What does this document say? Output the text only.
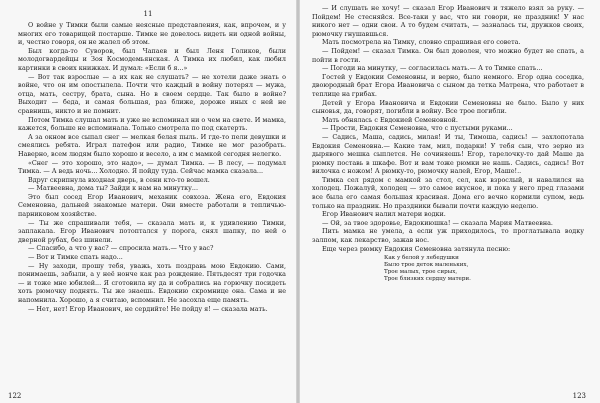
11

О войне у Тимки были самые неясные представления, как, впрочем, и у многих его товарищей постарше. Тимке не довелось видеть ни одной войны, и, честно говоря, он не жалел об этом.

Был когда-то Суворов, был Чапаев и был Леня Голиков, были молодогвардейцы и Зоя Космодемьянская. А Тимка их любил, как любил картинки в своих книжках. И думал: «Если б я...»

— Вот так взрослые — а их как не слушать? — не хотели даже знать о войне, что он им опостылела. Почти что каждый в войну потерял — мужа, отца, мать, сестру, брата, сына. Но в своем сердце. Так было в войне? Выходит — беда, и самая большая, раз ближе, дороже иных с ней не сравнишь, никто и не помнит.

Потом Тимка слушал мать и уже не вспоминал ни о чем на свете. И мамка, кажется, больше не вспоминала. Только смотрела по под скатерть.

А за окном все сыпал снег — мелкая белая пыль. И где-то пели девушки и смеялись ребята. Играл патефон или радио, Тимке не мог разобрать. Наверно, всем людям было хорошо и весело, а им с мамкой сегодня нелегко.

«Снег — это хорошо, это надо», — думал Тимка. — В лесу, — подумал Тимка. — А ведь ночь... Холодно. Я пойду туда. Сейчас мамка сказала...

Вдруг скрипнула входная дверь, в сени кто-то вошел.

— Матвеевна, дома ты? Зайди к нам на минутку...

Это был сосед Егор Иванович, механик совхоза. Жена его, Евдокия Семеновна, дальней знакомые матери. Они вместе работали в тепличью-парниковом хозяйстве.

— Ты же спрашивали тебя, — сказала мать и, к удивлению Тимки, заплакала. Егор Иванович потоптался у порога, снял шапку, по ней о дверной рубах, без шинели.

— Спасибо, а что у вас? — спросила мать.— Что у вас?

— Вот и Тимке спать надо...

— Ну заходи, прошу тебя, уважь, хоть поздравь мою Евдокию. Сами, понимаешь, забыли, а у неё нонче как раз рождение. Пятьдесят три годочка — и тоже мне юбилей... Я сготовила ну да и собрались на горючку посидеть хоть рюмочку поднять. Ты же знаешь. Евдокию скромнице она. Сама и не напомнила. Хорошо, а я считаю, вспомнил. Не засохла еще память.

— Нет, нет! Егор Иванович, не сердийте! Не пойду я! — сказала мать.

122

— И слушать не хочу! — сказал Егор Иванович и тяжело взял за руку. — Пойдем! Не стесняйся. Все-таки у вас, что ни говори, не праздник! У нас никого нет — одни свои. А то будем считать, — зазналась ты, дружков своих, рюмочку гнушавшься.

Мать посмотрела на Тимку, словно спрашивая его совета.

— Пойдем! — сказал Тимка. Он был доволен, что можно будет не спать, а пойти в гости.

— Погоди на минутку, — согласилась мать.— А то Тимке спать...

Гостей у Евдокии Семеновны, и верно, было немного. Егор одна соседка, двоюродный брат Егора Ивановича с сыном да тетка Матрена, что работает в теплице на грибах.

Детей у Егора Ивановича и Евдокии Семеновны не было. Было у них сыновья, да, говорят, погибли в войну. Все трое погибли.

Мать обнялась с Евдокией Семеновной.

— Прости, Евдокия Семеновна, что с пустыми руками...

— Садись, Маша, садись, милая! И ты, Тимоша, садись! — захлопотала Евдокия Семеновна.— Какие там, мил, подарки! У тебя сын, что зерно из дырявого мешка сыплется. Не сочиняешь! Егор, тарелочку-то дай Маше да рюмку поставь в шкафе. Вот и вам тоже рюмки не нашь. Садись, садись! Вот вилочка с ножом! А рюмку-то, рюмочку налей, Егор, Маше!..

Тимка сел рядом с мамкой за стол, сел, как взрослый, и навалился на холодец. Пожалуй, холодец — это самое вкусное, и пока у него пред глазами все была его самая большая красивая. Дома его вечно кормили супом, ведь только на праздник. Но праздники бывали почти каждую неделю.

Егор Иванович налил матери водки.

— Ой, за твое здоровье, Евдокиюшка! — сказала Мария Матвеевна.

Пить мамка не умела, а если уж приходилось, то проглатывала водку залпом, как лекарство, зажав нос.

Еще через рюмку Евдокия Семеновна затянула песню:

Как у белой у лебедушки
Было трое деток маленьких,
Трое малых, трое сирых,
Трое близких сердцу матери.
123
